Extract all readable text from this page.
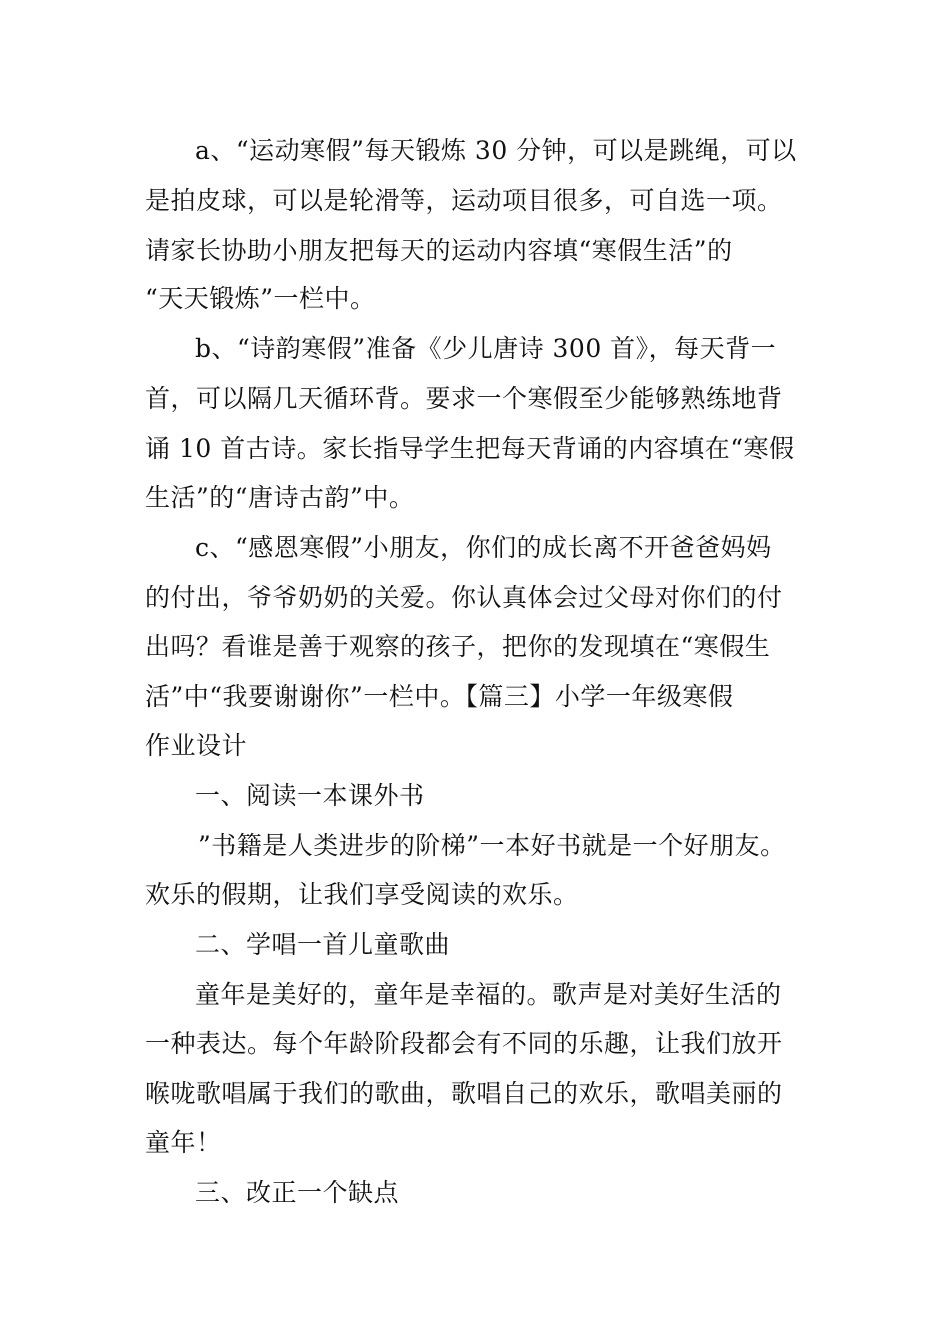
a、“运动寒假”每天锻炼 30 分钟，可以是跳绳，可以
是拍皮球，可以是轮滑等，运动项目很多，可自选一项。
请家长协助小朋友把每天的运动内容填“寒假生活”的
“天天锻炼”一栏中。
b、“诗韵寒假”准备《少儿唐诗 300 首》，每天背一
首，可以隔几天循环背。要求一个寒假至少能够熟练地背
诵 10 首古诗。家长指导学生把每天背诵的内容填在“寒假
生活”的“唐诗古韵”中。
c、“感恩寒假”小朋友，你们的成长离不开爸爸妈妈
的付出，爷爷奶奶的关爱。你认真体会过父母对你们的付
出吗？看谁是善于观察的孩子，把你的发现填在“寒假生
活”中“我要谢谢你”一栏中。【篇三】小学一年级寒假
作业设计
一、阅读一本课外书
”书籍是人类进步的阶梯”一本好书就是一个好朋友。
欢乐的假期，让我们享受阅读的欢乐。
二、学唱一首儿童歌曲
童年是美好的，童年是幸福的。歌声是对美好生活的
一种表达。每个年龄阶段都会有不同的乐趣，让我们放开
喉咙歌唱属于我们的歌曲，歌唱自己的欢乐，歌唱美丽的
童年！
三、改正一个缺点
